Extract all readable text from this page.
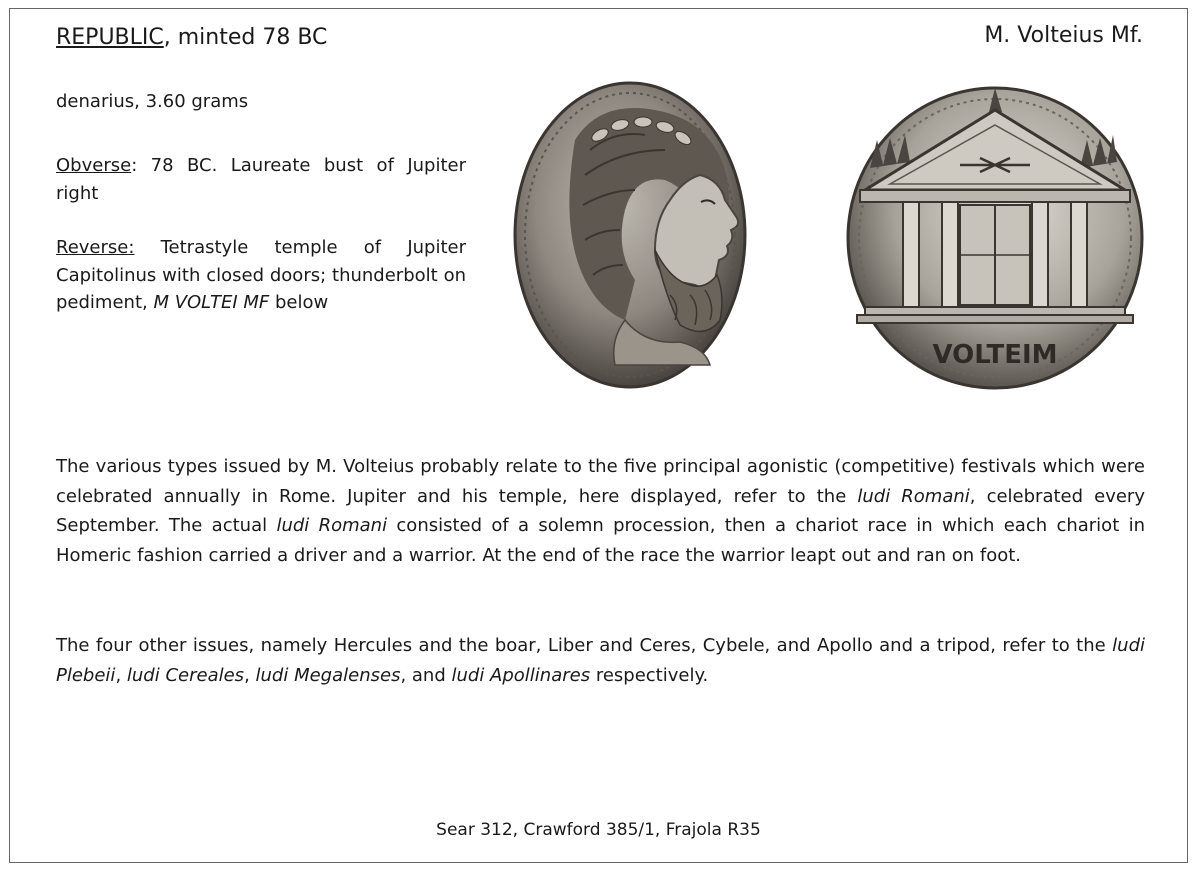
REPUBLIC, minted 78 BC	M. Volteius Mf.
denarius, 3.60 grams
Obverse: 78 BC. Laureate bust of Jupiter right
Reverse: Tetrastyle temple of Jupiter Capitolinus with closed doors; thunderbolt on pediment, M VOLTEI MF below
VOLTEIM
The various types issued by M. Volteius probably relate to the five principal agonistic (competitive) festivals which were celebrated annually in Rome. Jupiter and his temple, here displayed, refer to the ludi Romani, celebrated every September. The actual ludi Romani consisted of a solemn procession, then a chariot race in which each chariot in Homeric fashion carried a driver and a warrior. At the end of the race the warrior leapt out and ran on foot.
The four other issues, namely Hercules and the boar, Liber and Ceres, Cybele, and Apollo and a tripod, refer to the ludi Plebeii, ludi Cereales, ludi Megalenses, and ludi Apollinares respectively.
Sear 312, Crawford 385/1, Frajola R35
